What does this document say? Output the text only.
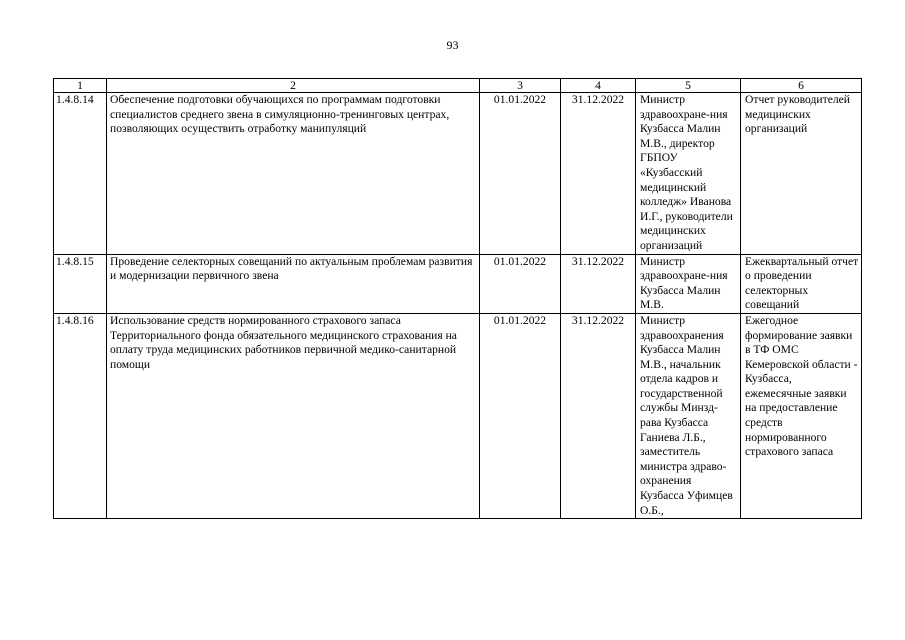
93
1	2	3	4	5	6
1.4.8.14	Обеспечение подготовки обучающихся по программам подготовки специалистов среднего звена в симуляционно-тренинговых центрах, позволяющих осуществить отработку манипуляций	01.01.2022	31.12.2022	Министр здравоохране-ния Кузбасса Малин М.В., директор ГБПОУ «Кузбасский медицинский колледж» Иванова И.Г., руководители медицинских организаций	Отчет руководителей медицинских организаций
1.4.8.15	Проведение селекторных совещаний по актуальным проблемам развития и модернизации первичного звена	01.01.2022	31.12.2022	Министр здравоохране-ния Кузбасса Малин М.В.	Ежеквартальный отчет о проведении селекторных совещаний
1.4.8.16	Использование средств нормированного страхового запаса Территориального фонда обязательного медицинского страхования на оплату труда медицинских работников первичной медико-санитарной помощи	01.01.2022	31.12.2022	Министр здравоохранения Кузбасса Малин М.В., начальник отдела кадров и государственной службы Минзд-рава Кузбасса Ганиева Л.Б., заместитель министра здраво-охранения Кузбасса Уфимцев О.Б.,	Ежегодное формирование заявки в ТФ ОМС Кемеровской области - Кузбасса, ежемесячные заявки на предоставление средств нормированного страхового запаса
